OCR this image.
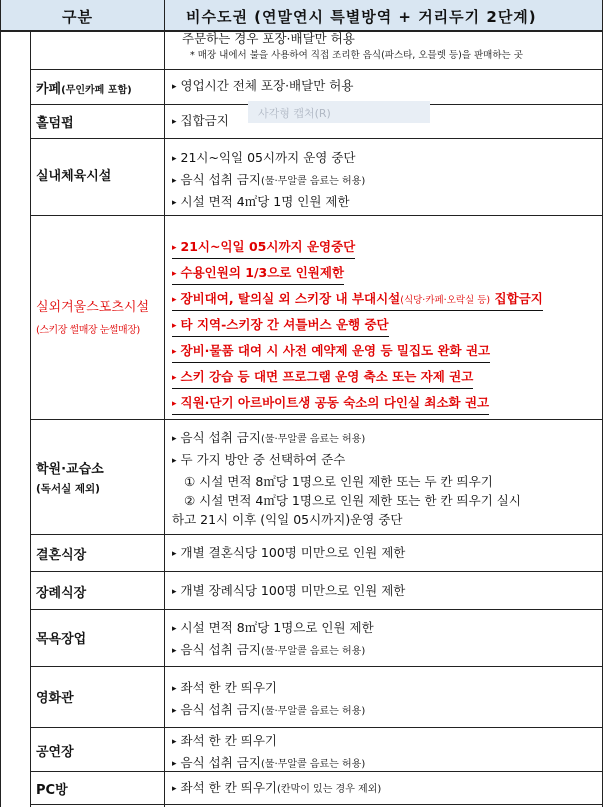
구분	비수도권 (연말연시 특별방역 + 거리두기 2단계)
주문하는 경우 포장·배달만 허용
* 매장 내에서 불을 사용하여 직접 조리한 음식(파스타, 오믈렛 등)을 판매하는 곳
카페(무인카페 포함)	▸ 영업시간 전체 포장·배달만 허용
홀덤펍	▸ 집합금지	사각형 캡처(R)
실내체육시설
▸ 21시~익일 05시까지 운영 중단
▸ 음식 섭취 금지(물·무알콜 음료는 허용)
▸ 시설 면적 4㎡당 1명 인원 제한
실외겨울스포츠시설
(스키장 썰매장 눈썰매장)
▸ 21시~익일 05시까지 운영중단
▸ 수용인원의 1/3으로 인원제한
▸ 장비대여, 탈의실 외 스키장 내 부대시설(식당·카페·오락실 등) 집합금지
▸ 타 지역-스키장 간 셔틀버스 운행 중단
▸ 장비·물품 대여 시 사전 예약제 운영 등 밀집도 완화 권고
▸ 스키 강습 등 대면 프로그램 운영 축소 또는 자제 권고
▸ 직원·단기 아르바이트생 공동 숙소의 다인실 최소화 권고
학원·교습소
(독서실 제외)
▸ 음식 섭취 금지(물·무알콜 음료는 허용)
▸ 두 가지 방안 중 선택하여 준수
① 시설 면적 8㎡당 1명으로 인원 제한 또는 두 칸 띄우기
② 시설 면적 4㎡당 1명으로 인원 제한 또는 한 칸 띄우기 실시
하고 21시 이후 (익일 05시까지)운영 중단
결혼식장	▸ 개별 결혼식당 100명 미만으로 인원 제한
장례식장	▸ 개별 장례식당 100명 미만으로 인원 제한
목욕장업
▸ 시설 면적 8㎡당 1명으로 인원 제한
▸ 음식 섭취 금지(물·무알콜 음료는 허용)
영화관
▸ 좌석 한 칸 띄우기
▸ 음식 섭취 금지(물·무알콜 음료는 허용)
공연장
▸ 좌석 한 칸 띄우기
▸ 음식 섭취 금지(물·무알콜 음료는 허용)
PC방	▸ 좌석 한 칸 띄우기(칸막이 있는 경우 제외)
